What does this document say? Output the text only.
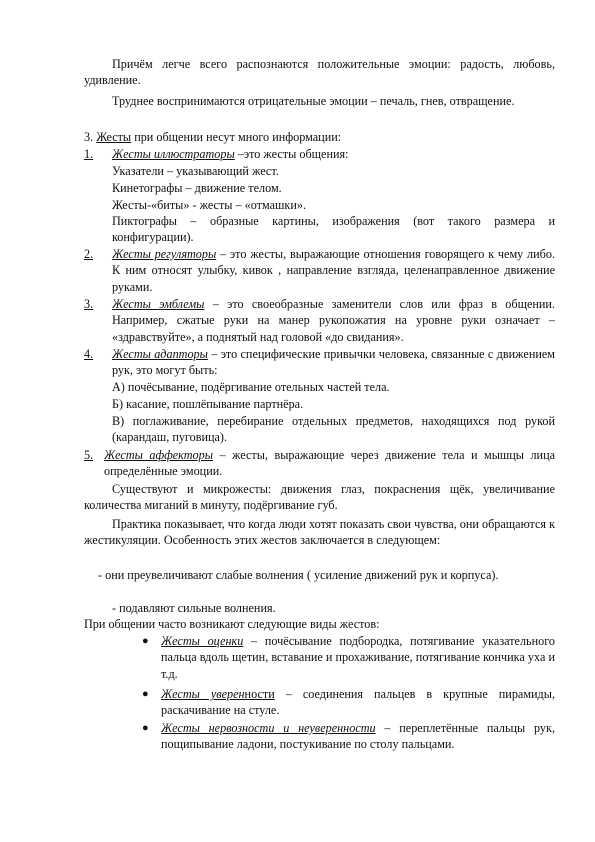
Причём легче всего распознаются положительные эмоции: радость, любовь, удивление.

Труднее воспринимаются отрицательные эмоции – печаль, гнев, отвращение.

3. Жесты при общении несут много информации:

1. Жесты иллюстраторы –это жесты общения:

Указатели – указывающий жест.

Кинетографы – движение телом.

Жесты-«биты» - жесты – «отмашки».

Пиктографы – образные картины, изображения (вот такого размера и конфигурации).

2. Жесты регуляторы – это жесты, выражающие отношения говорящего к чему либо. К ним относят улыбку, кивок , направление взгляда, целенаправленное движение руками.

3. Жесты эмблемы – это своеобразные заменители слов или фраз в общении. Например, сжатые руки на манер рукопожатия на уровне руки означает – «здравствуйте», а поднятый над головой «до свидания».

4. Жесты адапторы – это специфические привычки человека, связанные с движением рук, это могут быть:

А) почёсывание, подёргивание отельных частей тела.

Б) касание, пошлёпывание партнёра.

В) поглаживание, перебирание отдельных предметов, находящихся под рукой (карандаш, пуговица).

5. Жесты аффекторы – жесты, выражающие через движение тела и мышцы лица определённые эмоции.

Существуют и микрожесты: движения глаз, покраснения щёк, увеличивание количества миганий в минуту, подёргивание губ.

Практика показывает, что когда люди хотят показать свои чувства, они обращаются к жестикуляции. Особенность этих жестов заключается в следующем:

- они преувеличивают слабые волнения ( усиление движений рук и корпуса).

- подавляют сильные волнения.

При общении часто возникают следующие виды жестов:

● Жесты оценки – почёсывание подбородка, потягивание указательного пальца вдоль щетин, вставание и прохаживание, потягивание кончика уха и т.д.

● Жесты уверенности – соединения пальцев в крупные пирамиды, раскачивание на стуле.

● Жесты нервозности и неуверенности – переплетённые пальцы рук, пощипывание ладони, постукивание по столу пальцами.
